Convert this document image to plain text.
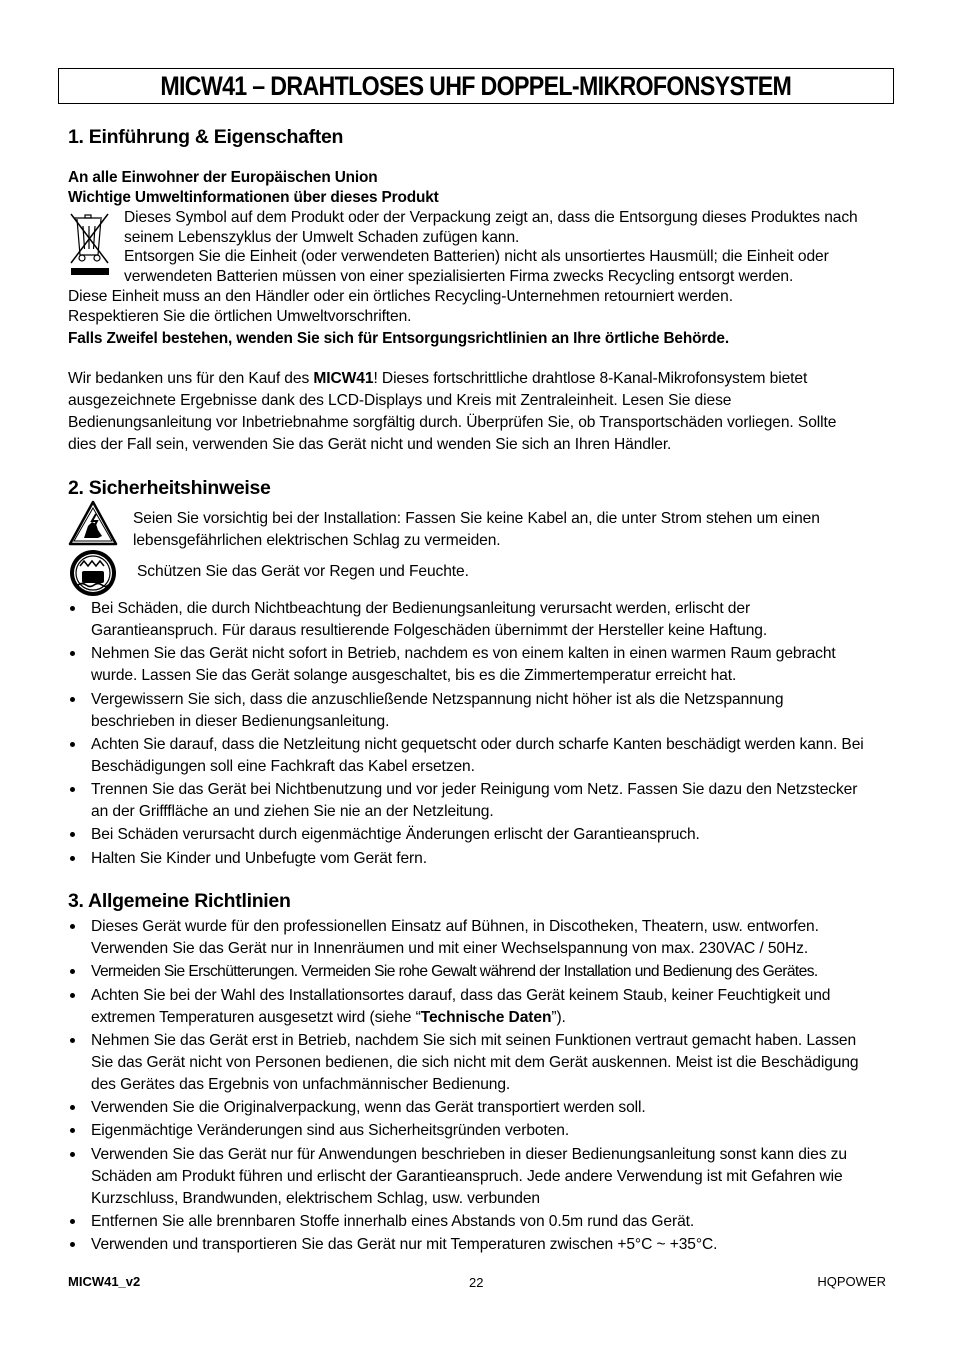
MICW41 – DRAHTLOSES UHF DOPPEL-MIKROFONSYSTEM
1. Einführung & Eigenschaften
An alle Einwohner der Europäischen Union
Wichtige Umweltinformationen über dieses Produkt
Dieses Symbol auf dem Produkt oder der Verpackung zeigt an, dass die Entsorgung dieses Produktes nach
seinem Lebenszyklus der Umwelt Schaden zufügen kann.
Entsorgen Sie die Einheit (oder verwendeten Batterien) nicht als unsortiertes Hausmüll; die Einheit oder
verwendeten Batterien müssen von einer spezialisierten Firma zwecks Recycling entsorgt werden.
Diese Einheit muss an den Händler oder ein örtliches Recycling-Unternehmen retourniert werden.
Respektieren Sie die örtlichen Umweltvorschriften.
Falls Zweifel bestehen, wenden Sie sich für Entsorgungsrichtlinien an Ihre örtliche Behörde.
Wir bedanken uns für den Kauf des MICW41! Dieses fortschrittliche drahtlose 8-Kanal-Mikrofonsystem bietet
ausgezeichnete Ergebnisse dank des LCD-Displays und Kreis mit Zentraleinheit. Lesen Sie diese
Bedienungsanleitung vor Inbetriebnahme sorgfältig durch. Überprüfen Sie, ob Transportschäden vorliegen. Sollte
dies der Fall sein, verwenden Sie das Gerät nicht und wenden Sie sich an Ihren Händler.
2. Sicherheitshinweise
Seien Sie vorsichtig bei der Installation: Fassen Sie keine Kabel an, die unter Strom stehen um einen
lebensgefährlichen elektrischen Schlag zu vermeiden.
Schützen Sie das Gerät vor Regen und Feuchte.
Bei Schäden, die durch Nichtbeachtung der Bedienungsanleitung verursacht werden, erlischt der
Garantieanspruch. Für daraus resultierende Folgeschäden übernimmt der Hersteller keine Haftung.
Nehmen Sie das Gerät nicht sofort in Betrieb, nachdem es von einem kalten in einen warmen Raum gebracht
wurde. Lassen Sie das Gerät solange ausgeschaltet, bis es die Zimmertemperatur erreicht hat.
Vergewissern Sie sich, dass die anzuschließende Netzspannung nicht höher ist als die Netzspannung
beschrieben in dieser Bedienungsanleitung.
Achten Sie darauf, dass die Netzleitung nicht gequetscht oder durch scharfe Kanten beschädigt werden kann. Bei
Beschädigungen soll eine Fachkraft das Kabel ersetzen.
Trennen Sie das Gerät bei Nichtbenutzung und vor jeder Reinigung vom Netz. Fassen Sie dazu den Netzstecker
an der Grifffläche an und ziehen Sie nie an der Netzleitung.
Bei Schäden verursacht durch eigenmächtige Änderungen erlischt der Garantieanspruch.
Halten Sie Kinder und Unbefugte vom Gerät fern.
3. Allgemeine Richtlinien
Dieses Gerät wurde für den professionellen Einsatz auf Bühnen, in Discotheken, Theatern, usw. entworfen.
Verwenden Sie das Gerät nur in Innenräumen und mit einer Wechselspannung von max. 230VAC / 50Hz.
Vermeiden Sie Erschütterungen. Vermeiden Sie rohe Gewalt während der Installation und Bedienung des Gerätes.
Achten Sie bei der Wahl des Installationsortes darauf, dass das Gerät keinem Staub, keiner Feuchtigkeit und
extremen Temperaturen ausgesetzt wird (siehe “Technische Daten”).
Nehmen Sie das Gerät erst in Betrieb, nachdem Sie sich mit seinen Funktionen vertraut gemacht haben. Lassen
Sie das Gerät nicht von Personen bedienen, die sich nicht mit dem Gerät auskennen. Meist ist die Beschädigung
des Gerätes das Ergebnis von unfachmännischer Bedienung.
Verwenden Sie die Originalverpackung, wenn das Gerät transportiert werden soll.
Eigenmächtige Veränderungen sind aus Sicherheitsgründen verboten.
Verwenden Sie das Gerät nur für Anwendungen beschrieben in dieser Bedienungsanleitung sonst kann dies zu
Schäden am Produkt führen und erlischt der Garantieanspruch. Jede andere Verwendung ist mit Gefahren wie
Kurzschluss, Brandwunden, elektrischem Schlag, usw. verbunden
Entfernen Sie alle brennbaren Stoffe innerhalb eines Abstands von 0.5m rund das Gerät.
Verwenden und transportieren Sie das Gerät nur mit Temperaturen zwischen +5°C ~ +35°C.
MICW41_v2	22	HQPOWER
